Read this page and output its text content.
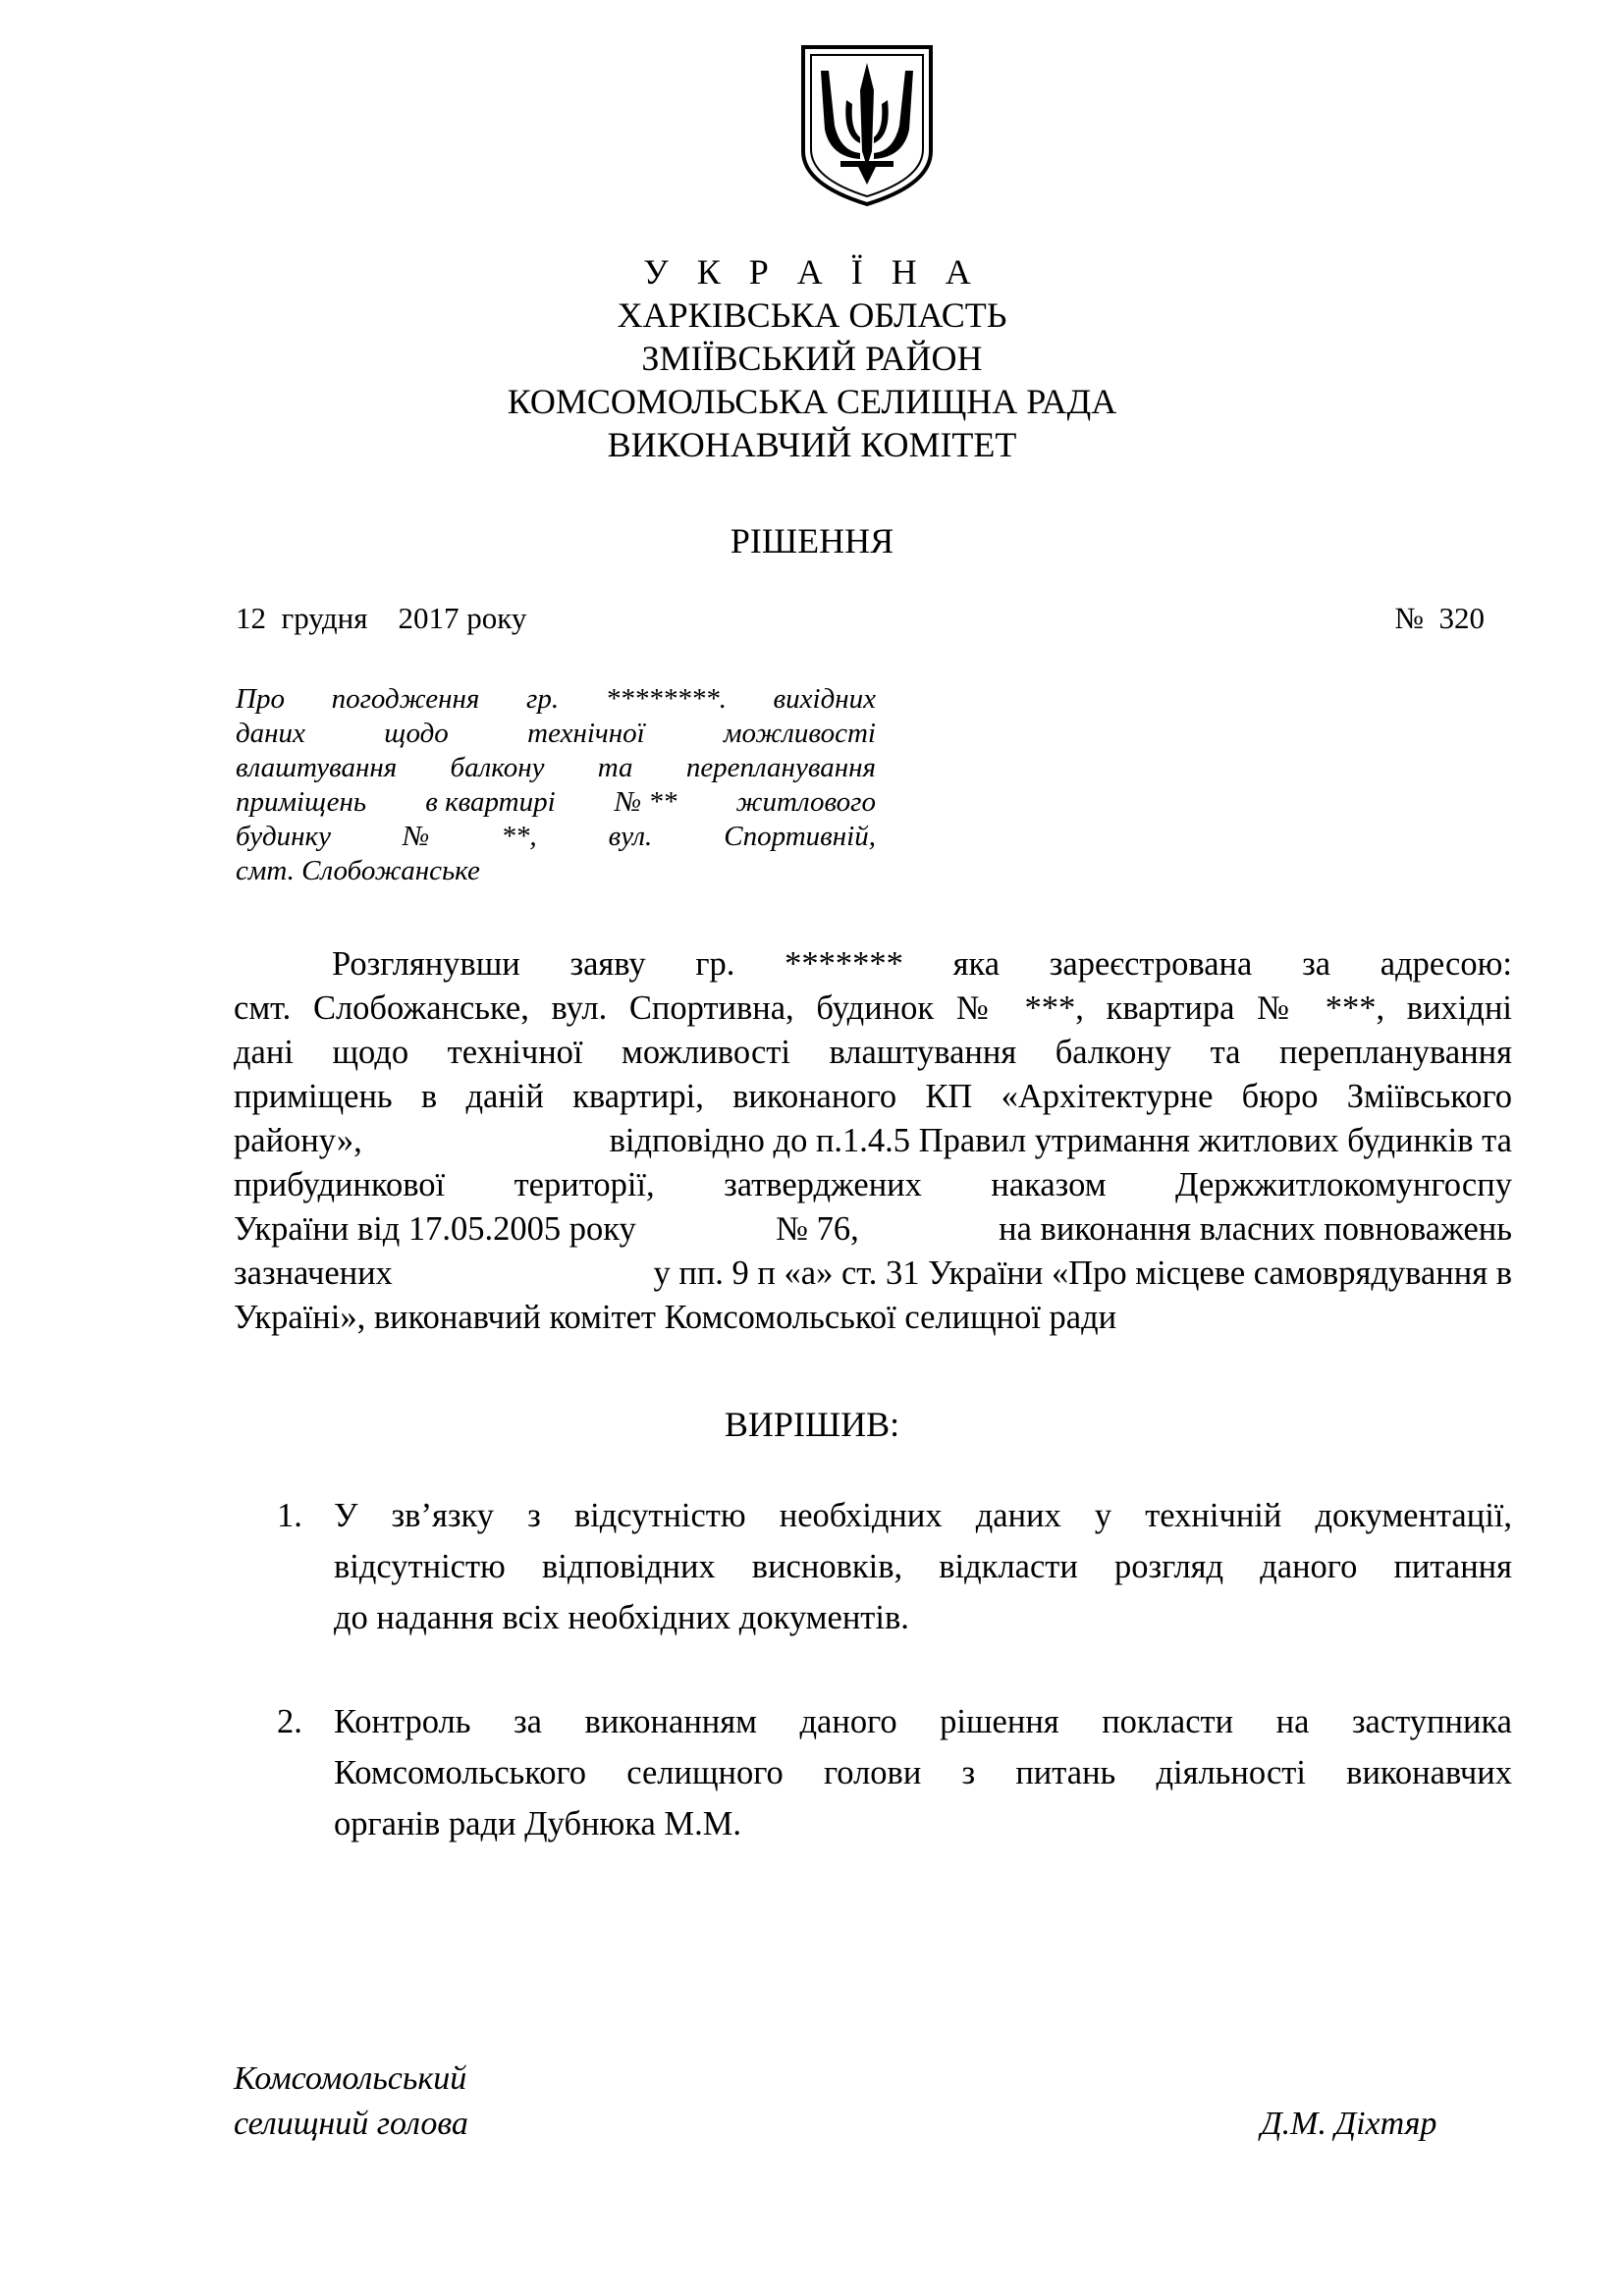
У К Р А Ї Н А
ХАРКІВСЬКА ОБЛАСТЬ
ЗМІЇВСЬКИЙ РАЙОН
КОМСОМОЛЬСЬКА СЕЛИЩНА РАДА
ВИКОНАВЧИЙ КОМІТЕТ
РІШЕННЯ
12  грудня    2017 року	№  320
Про погодження гр. ********. вихідних
даних	щодо	технічної	можливості
влаштування балкону та перепланування
приміщень в квартирі № ** житлового
будинку	№	**,	вул.	Спортивній,
смт. Слобожанське
Розглянувши заяву гр. ******* яка зареєстрована за адресою:
смт. Слобожанське, вул. Спортивна, будинок № ***, квартира № ***, вихідні
дані щодо технічної можливості влаштування балкону та перепланування
приміщень в даній квартирі, виконаного КП «Архітектурне бюро Зміївського
району»,	відповідно до п.1.4.5 Правил утримання житлових будинків та
прибудинкової території, затверджених наказом Держжитлокомунгоспу
України від 17.05.2005 року	№ 76,	на виконання власних повноважень
зазначених	у пп. 9 п «а» ст. 31 України «Про місцеве самоврядування в
Україні», виконавчий комітет Комсомольської селищної ради
ВИРІШИВ:
1. У зв’язку з відсутністю необхідних даних у технічній документації,
відсутністю відповідних висновків, відкласти розгляд даного питання
до надання всіх необхідних документів.
2. Контроль за виконанням даного рішення покласти на заступника
Комсомольського селищного голови з питань діяльності виконавчих
органів ради Дубнюка М.М.
Комсомольський
селищний голова	Д.М. Діхтяр
